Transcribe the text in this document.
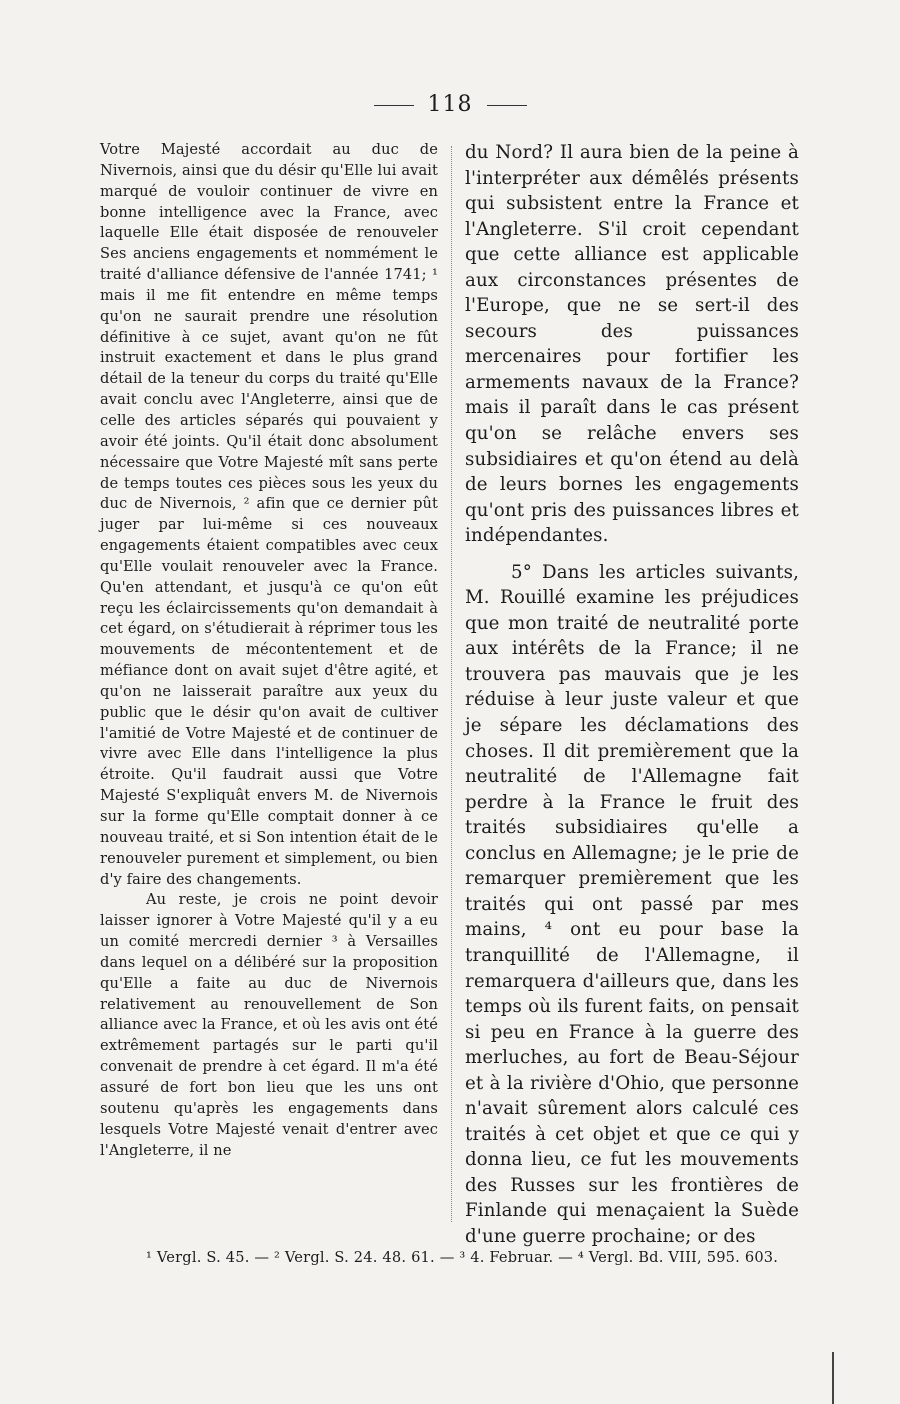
118

Votre Majesté accordait au duc de Nivernois, ainsi que du désir qu'Elle lui avait marqué de vouloir continuer de vivre en bonne intelligence avec la France, avec laquelle Elle était disposée de renouveler Ses anciens engagements et nommément le traité d'alliance défensive de l'année 1741; ¹ mais il me fit entendre en même temps qu'on ne saurait prendre une résolution définitive à ce sujet, avant qu'on ne fût instruit exactement et dans le plus grand détail de la teneur du corps du traité qu'Elle avait conclu avec l'Angleterre, ainsi que de celle des articles séparés qui pouvaient y avoir été joints. Qu'il était donc absolument nécessaire que Votre Majesté mît sans perte de temps toutes ces pièces sous les yeux du duc de Nivernois, ² afin que ce dernier pût juger par lui-même si ces nouveaux engagements étaient compatibles avec ceux qu'Elle voulait renouveler avec la France. Qu'en attendant, et jusqu'à ce qu'on eût reçu les éclaircissements qu'on demandait à cet égard, on s'étudierait à réprimer tous les mouvements de mécontentement et de méfiance dont on avait sujet d'être agité, et qu'on ne laisserait paraître aux yeux du public que le désir qu'on avait de cultiver l'amitié de Votre Majesté et de continuer de vivre avec Elle dans l'intelligence la plus étroite. Qu'il faudrait aussi que Votre Majesté S'expliquât envers M. de Nivernois sur la forme qu'Elle comptait donner à ce nouveau traité, et si Son intention était de le renouveler purement et simplement, ou bien d'y faire des changements.

Au reste, je crois ne point devoir laisser ignorer à Votre Majesté qu'il y a eu un comité mercredi dernier ³ à Versailles dans lequel on a délibéré sur la proposition qu'Elle a faite au duc de Nivernois relativement au renouvellement de Son alliance avec la France, et où les avis ont été extrêmement partagés sur le parti qu'il convenait de prendre à cet égard. Il m'a été assuré de fort bon lieu que les uns ont soutenu qu'après les engagements dans lesquels Votre Majesté venait d'entrer avec l'Angleterre, il ne

du Nord? Il aura bien de la peine à l'interpréter aux démêlés présents qui subsistent entre la France et l'Angleterre. S'il croit cependant que cette alliance est applicable aux circonstances présentes de l'Europe, que ne se sert-il des secours des puissances mercenaires pour fortifier les armements navaux de la France? mais il paraît dans le cas présent qu'on se relâche envers ses subsidiaires et qu'on étend au delà de leurs bornes les engagements qu'ont pris des puissances libres et indépendantes.

5° Dans les articles suivants, M. Rouillé examine les préjudices que mon traité de neutralité porte aux intérêts de la France; il ne trouvera pas mauvais que je les réduise à leur juste valeur et que je sépare les déclamations des choses. Il dit premièrement que la neutralité de l'Allemagne fait perdre à la France le fruit des traités subsidiaires qu'elle a conclus en Allemagne; je le prie de remarquer premièrement que les traités qui ont passé par mes mains, ⁴ ont eu pour base la tranquillité de l'Allemagne, il remarquera d'ailleurs que, dans les temps où ils furent faits, on pensait si peu en France à la guerre des merluches, au fort de Beau-Séjour et à la rivière d'Ohio, que personne n'avait sûrement alors calculé ces traités à cet objet et que ce qui y donna lieu, ce fut les mouvements des Russes sur les frontières de Finlande qui menaçaient la Suède d'une guerre prochaine; or des

¹ Vergl. S. 45. — ² Vergl. S. 24. 48. 61. — ³ 4. Februar. — ⁴ Vergl. Bd. VIII, 595. 603.
